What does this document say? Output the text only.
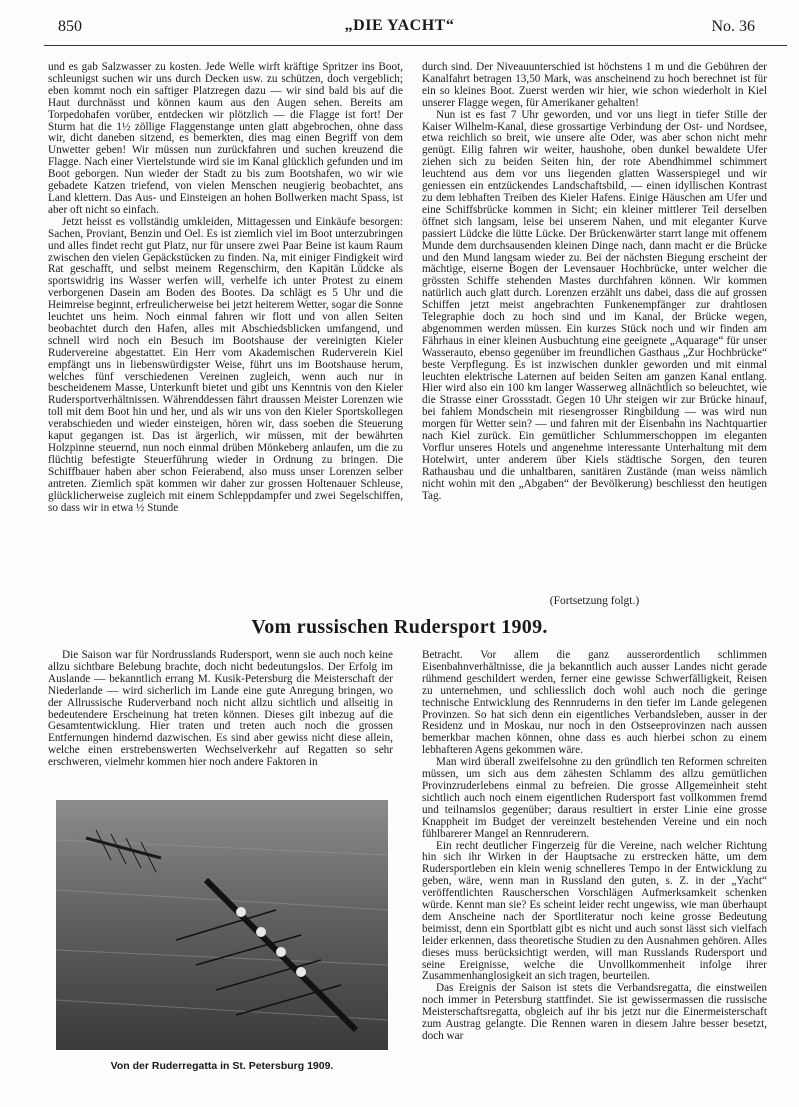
850	„DIE YACHT“	No. 36

und es gab Salzwasser zu kosten. Jede Welle wirft kräftige Spritzer ins Boot, schleunigst suchen wir uns durch Decken usw. zu schützen, doch vergeblich; eben kommt noch ein saftiger Platzregen dazu — wir sind bald bis auf die Haut durchnässt und können kaum aus den Augen sehen. Bereits am Torpedohafen vorüber, entdecken wir plötzlich — die Flagge ist fort! Der Sturm hat die 1½ zöllige Flaggenstange unten glatt abgebrochen, ohne dass wir, dicht daneben sitzend, es bemerkten, dies mag einen Begriff von dem Unwetter geben! Wir müssen nun zurückfahren und suchen kreuzend die Flagge. Nach einer Viertelstunde wird sie im Kanal glücklich gefunden und im Boot geborgen. Nun wieder der Stadt zu bis zum Bootshafen, wo wir wie gebadete Katzen triefend, von vielen Menschen neugierig beobachtet, ans Land klettern. Das Aus- und Einsteigen an hohen Bollwerken macht Spass, ist aber oft nicht so einfach.

Jetzt heisst es vollständig umkleiden, Mittagessen und Einkäufe besorgen: Sachen, Proviant, Benzin und Oel. Es ist ziemlich viel im Boot unterzubringen und alles findet recht gut Platz, nur für unsere zwei Paar Beine ist kaum Raum zwischen den vielen Gepäckstücken zu finden. Na, mit einiger Findigkeit wird Rat geschafft, und selbst meinem Regenschirm, den Kapitän Lüdcke als sportswidrig ins Wasser werfen will, verhelfe ich unter Protest zu einem verborgenen Dasein am Boden des Bootes. Da schlägt es 5 Uhr und die Heimreise beginnt, erfreulicherweise bei jetzt heiterem Wetter, sogar die Sonne leuchtet uns heim. Noch einmal fahren wir flott und von allen Seiten beobachtet durch den Hafen, alles mit Abschiedsblicken umfangend, und schnell wird noch ein Besuch im Bootshause der vereinigten Kieler Rudervereine abgestattet. Ein Herr vom Akademischen Ruderverein Kiel empfängt uns in liebenswürdigster Weise, führt uns im Bootshause herum, welches fünf verschiedenen Vereinen zugleich, wenn auch nur in bescheidenem Masse, Unterkunft bietet und gibt uns Kenntnis von den Kieler Rudersportverhältnissen. Währenddessen fährt draussen Meister Lorenzen wie toll mit dem Boot hin und her, und als wir uns von den Kieler Sportskollegen verabschieden und wieder einsteigen, hören wir, dass soeben die Steuerung kaput gegangen ist. Das ist ärgerlich, wir müssen, mit der bewährten Holzpinne steuernd, nun noch einmal drüben Mönkeberg anlaufen, um die zu flüchtig befestigte Steuerführung wieder in Ordnung zu bringen. Die Schiffbauer haben aber schon Feierabend, also muss unser Lorenzen selber antreten. Ziemlich spät kommen wir daher zur grossen Holtenauer Schleuse, glücklicherweise zugleich mit einem Schleppdampfer und zwei Segelschiffen, so dass wir in etwa ½ Stunde

durch sind. Der Niveauunterschied ist höchstens 1 m und die Gebühren der Kanalfahrt betragen 13,50 Mark, was anscheinend zu hoch berechnet ist für ein so kleines Boot. Zuerst werden wir hier, wie schon wiederholt in Kiel unserer Flagge wegen, für Amerikaner gehalten!

Nun ist es fast 7 Uhr geworden, und vor uns liegt in tiefer Stille der Kaiser Wilhelm-Kanal, diese grossartige Verbindung der Ost- und Nordsee, etwa reichlich so breit, wie unsere alte Oder, was aber schon nicht mehr genügt. Eilig fahren wir weiter, haushohe, oben dunkel bewaldete Ufer ziehen sich zu beiden Seiten hin, der rote Abendhimmel schimmert leuchtend aus dem vor uns liegenden glatten Wasserspiegel und wir geniessen ein entzückendes Landschaftsbild, — einen idyllischen Kontrast zu dem lebhaften Treiben des Kieler Hafens. Einige Häuschen am Ufer und eine Schiffsbrücke kommen in Sicht; ein kleiner mittlerer Teil derselben öffnet sich langsam, leise bei unserem Nahen, und mit eleganter Kurve passiert Lüdcke die lütte Lücke. Der Brückenwärter starrt lange mit offenem Munde dem durchsausenden kleinen Dinge nach, dann macht er die Brücke und den Mund langsam wieder zu. Bei der nächsten Biegung erscheint der mächtige, eiserne Bogen der Levensauer Hochbrücke, unter welcher die grössten Schiffe stehenden Mastes durchfahren können. Wir kommen natürlich auch glatt durch. Lorenzen erzählt uns dabei, dass die auf grossen Schiffen jetzt meist angebrachten Funkenempfänger zur drahtlosen Telegraphie doch zu hoch sind und im Kanal, der Brücke wegen, abgenommen werden müssen. Ein kurzes Stück noch und wir finden am Fährhaus in einer kleinen Ausbuchtung eine geeignete „Aquarage“ für unser Wasserauto, ebenso gegenüber im freundlichen Gasthaus „Zur Hochbrücke“ beste Verpflegung. Es ist inzwischen dunkler geworden und mit einmal leuchten elektrische Laternen auf beiden Seiten am ganzen Kanal entlang. Hier wird also ein 100 km langer Wasserweg allnächtlich so beleuchtet, wie die Strasse einer Grossstadt. Gegen 10 Uhr steigen wir zur Brücke hinauf, bei fahlem Mondschein mit riesengrosser Ringbildung — was wird nun morgen für Wetter sein? — und fahren mit der Eisenbahn ins Nachtquartier nach Kiel zurück. Ein gemütlicher Schlummerschoppen im eleganten Vorflur unseres Hotels und angenehme interessante Unterhaltung mit dem Hotelwirt, unter anderem über Kiels städtische Sorgen, den teuren Rathausbau und die unhaltbaren, sanitären Zustände (man weiss nämlich nicht wohin mit den „Abgaben“ der Bevölkerung) beschliesst den heutigen Tag.

(Fortsetzung folgt.)
Vom russischen Rudersport 1909.

Die Saison war für Nordrusslands Rudersport, wenn sie auch noch keine allzu sichtbare Belebung brachte, doch nicht bedeutungslos. Der Erfolg im Auslande — bekanntlich errang M. Kusik-Petersburg die Meisterschaft der Niederlande — wird sicherlich im Lande eine gute Anregung bringen, wo der Allrussische Ruderverband noch nicht allzu sichtlich und allseitig in bedeutendere Erscheinung hat treten können. Dieses gilt inbezug auf die Gesamtentwicklung. Hier traten und treten auch noch die grossen Entfernungen hindernd dazwischen. Es sind aber gewiss nicht diese allein, welche einen erstrebenswerten Wechselverkehr auf Regatten so sehr erschweren, vielmehr kommen hier noch andere Faktoren in

Von der Ruderregatta in St. Petersburg 1909.

Betracht. Vor allem die ganz ausserordentlich schlimmen Eisenbahnverhältnisse, die ja bekanntlich auch ausser Landes nicht gerade rühmend geschildert werden, ferner eine gewisse Schwerfälligkeit, Reisen zu unternehmen, und schliesslich doch wohl auch noch die geringe technische Entwicklung des Rennruderns in den tiefer im Lande gelegenen Provinzen. So hat sich denn ein eigentliches Verbandsleben, ausser in der Residenz und in Moskau, nur noch in den Ostseeprovinzen nach aussen bemerkbar machen können, ohne dass es auch hierbei schon zu einem lebhafteren Agens gekommen wäre.

Man wird überall zweifelsohne zu den gründlich ten Reformen schreiten müssen, um sich aus dem zähesten Schlamm des allzu gemütlichen Provinzruderlebens einmal zu befreien. Die grosse Allgemeinheit steht sichtlich auch noch einem eigentlichen Rudersport fast vollkommen fremd und teilnamslos gegenüber; daraus resultiert in erster Linie eine grosse Knappheit im Budget der vereinzelt bestehenden Vereine und ein noch fühlbarerer Mangel an Rennruderern.

Ein recht deutlicher Fingerzeig für die Vereine, nach welcher Richtung hin sich ihr Wirken in der Hauptsache zu erstrecken hätte, um dem Rudersportleben ein klein wenig schnelleres Tempo in der Entwicklung zu geben, wäre, wenn man in Russland den guten, s. Z. in der „Yacht“ veröffentlichten Rauscherschen Vorschlägen Aufmerksamkeit schenken würde. Kennt man sie? Es scheint leider recht ungewiss, wie man überhaupt dem Anscheine nach der Sportliteratur noch keine grosse Bedeutung beimisst, denn ein Sportblatt gibt es nicht und auch sonst lässt sich vielfach leider erkennen, dass theoretische Studien zu den Ausnahmen gehören. Alles dieses muss berücksichtigt werden, will man Russlands Rudersport und seine Ereignisse, welche die Unvollkommenheit infolge ihrer Zusammenhanglosigkeit an sich tragen, beurteilen.

Das Ereignis der Saison ist stets die Verbandsregatta, die einstweilen noch immer in Petersburg stattfindet. Sie ist gewissermassen die russische Meisterschaftsregatta, obgleich auf ihr bis jetzt nur die Einermeisterschaft zum Austrag gelangte. Die Rennen waren in diesem Jahre besser besetzt, doch war
